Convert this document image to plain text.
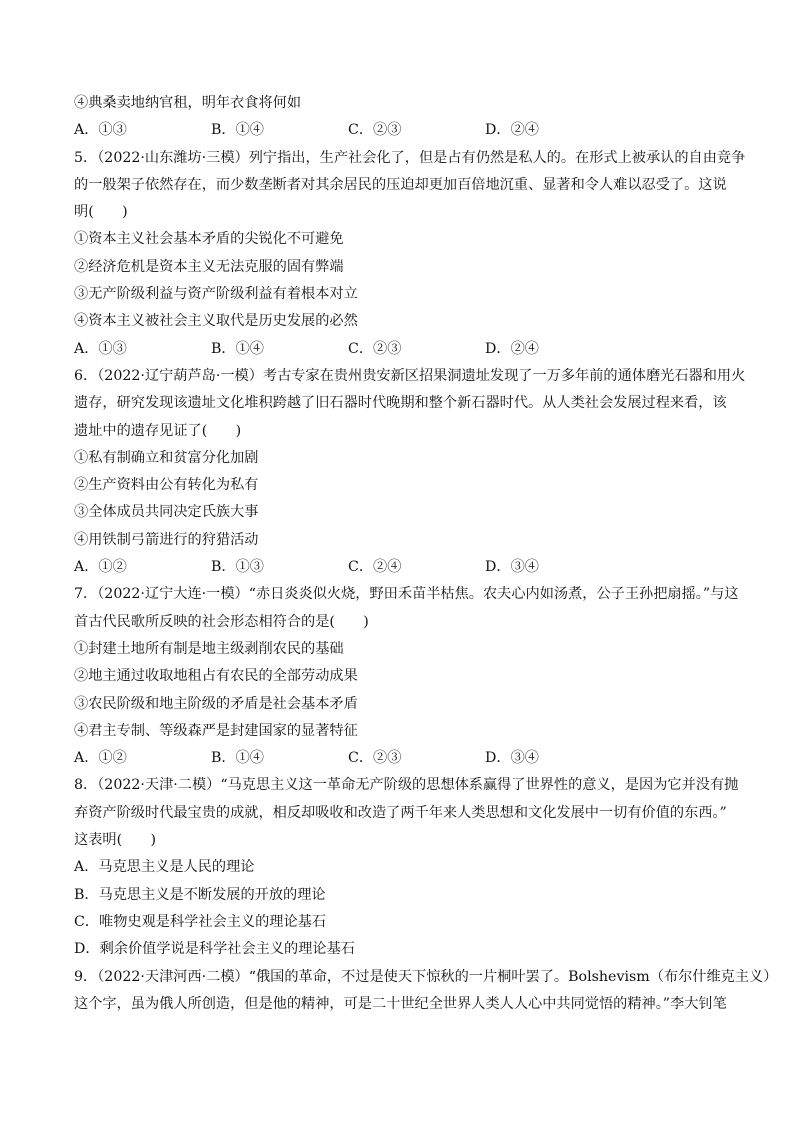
④典桑卖地纳官租，明年衣食将何如
A．①③	B．①④	C．②③	D．②④
5．（2022·山东潍坊·三模）列宁指出，生产社会化了，但是占有仍然是私人的。在形式上被承认的自由竞争
的一般架子依然存在，而少数垄断者对其余居民的压迫却更加百倍地沉重、显著和令人难以忍受了。这说
明(　　)
①资本主义社会基本矛盾的尖锐化不可避免
②经济危机是资本主义无法克服的固有弊端
③无产阶级利益与资产阶级利益有着根本对立
④资本主义被社会主义取代是历史发展的必然
A．①③	B．①④	C．②③	D．②④
6．（2022·辽宁葫芦岛·一模）考古专家在贵州贵安新区招果洞遗址发现了一万多年前的通体磨光石器和用火
遗存，研究发现该遗址文化堆积跨越了旧石器时代晚期和整个新石器时代。从人类社会发展过程来看，该
遗址中的遗存见证了(　　)
①私有制确立和贫富分化加剧
②生产资料由公有转化为私有
③全体成员共同决定氏族大事
④用铁制弓箭进行的狩猎活动
A．①②	B．①③	C．②④	D．③④
7．（2022·辽宁大连·一模）“赤日炎炎似火烧，野田禾苗半枯焦。农夫心内如汤煮，公子王孙把扇摇。”与这
首古代民歌所反映的社会形态相符合的是(　　)
①封建土地所有制是地主级剥削农民的基础
②地主通过收取地租占有农民的全部劳动成果
③农民阶级和地主阶级的矛盾是社会基本矛盾
④君主专制、等级森严是封建国家的显著特征
A．①②	B．①④	C．②③	D．③④
8．（2022·天津·二模）“马克思主义这一革命无产阶级的思想体系赢得了世界性的意义，是因为它并没有抛
弃资产阶级时代最宝贵的成就，相反却吸收和改造了两千年来人类思想和文化发展中一切有价值的东西。”
这表明(　　)
A．马克思主义是人民的理论
B．马克思主义是不断发展的开放的理论
C．唯物史观是科学社会主义的理论基石
D．剩余价值学说是科学社会主义的理论基石
9．（2022·天津河西·二模）“俄国的革命，不过是使天下惊秋的一片桐叶罢了。Bolshevism（布尔什维克主义）
这个字，虽为俄人所创造，但是他的精神，可是二十世纪全世界人类人人心中共同觉悟的精神。”李大钊笔
